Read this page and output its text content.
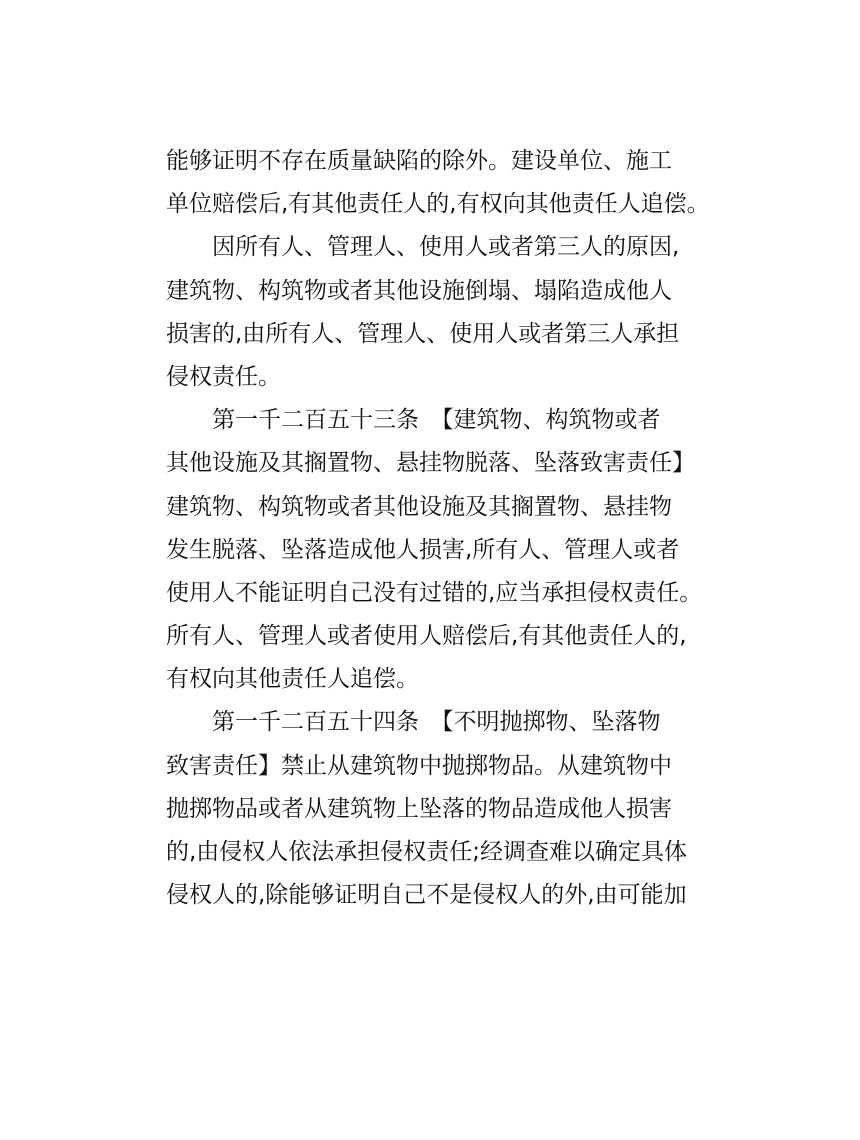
能够证明不存在质量缺陷的除外。建设单位、施工
单位赔偿后,有其他责任人的,有权向其他责任人追偿。
因所有人、管理人、使用人或者第三人的原因,
建筑物、构筑物或者其他设施倒塌、塌陷造成他人
损害的,由所有人、管理人、使用人或者第三人承担
侵权责任。
第一千二百五十三条　【建筑物、构筑物或者
其他设施及其搁置物、悬挂物脱落、坠落致害责任】
建筑物、构筑物或者其他设施及其搁置物、悬挂物
发生脱落、坠落造成他人损害,所有人、管理人或者
使用人不能证明自己没有过错的,应当承担侵权责任。
所有人、管理人或者使用人赔偿后,有其他责任人的,
有权向其他责任人追偿。
第一千二百五十四条　【不明抛掷物、坠落物
致害责任】禁止从建筑物中抛掷物品。从建筑物中
抛掷物品或者从建筑物上坠落的物品造成他人损害
的,由侵权人依法承担侵权责任;经调查难以确定具体
侵权人的,除能够证明自己不是侵权人的外,由可能加
